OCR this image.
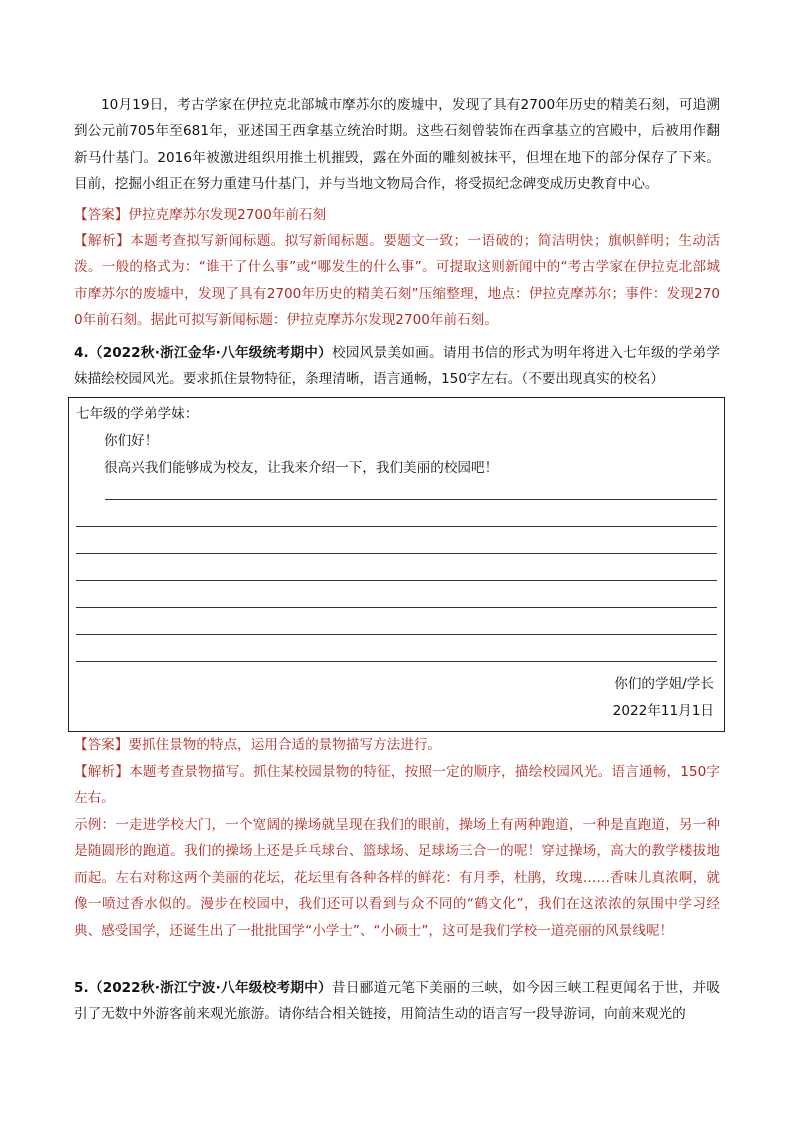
10月19日，考古学家在伊拉克北部城市摩苏尔的废墟中，发现了具有2700年历史的精美石刻，可追溯到公元前705年至681年，亚述国王西拿基立统治时期。这些石刻曾装饰在西拿基立的宫殿中，后被用作翻新马什基门。2016年被激进组织用推土机摧毁，露在外面的雕刻被抹平，但埋在地下的部分保存了下来。目前，挖掘小组正在努力重建马什基门，并与当地文物局合作，将受损纪念碑变成历史教育中心。

【答案】伊拉克摩苏尔发现2700年前石刻

【解析】本题考查拟写新闻标题。拟写新闻标题。要题文一致；一语破的；简洁明快；旗帜鲜明；生动活泼。一般的格式为：“谁干了什么事”或“哪发生的什么事”。可提取这则新闻中的“考古学家在伊拉克北部城市摩苏尔的废墟中，发现了具有2700年历史的精美石刻”压缩整理，地点：伊拉克摩苏尔；事件：发现2700年前石刻。据此可拟写新闻标题：伊拉克摩苏尔发现2700年前石刻。

4.（2022秋·浙江金华·八年级统考期中）校园风景美如画。请用书信的形式为明年将进入七年级的学弟学妹描绘校园风光。要求抓住景物特征，条理清晰，语言通畅，150字左右。（不要出现真实的校名）

七年级的学弟学妹：
你们好！
很高兴我们能够成为校友，让我来介绍一下，我们美丽的校园吧！
你们的学姐/学长
2022年11月1日

【答案】要抓住景物的特点，运用合适的景物描写方法进行。

【解析】本题考查景物描写。抓住某校园景物的特征，按照一定的顺序，描绘校园风光。语言通畅，150字左右。

示例：一走进学校大门，一个宽阔的操场就呈现在我们的眼前，操场上有两种跑道，一种是直跑道，另一种是随圆形的跑道。我们的操场上还是乒乓球台、篮球场、足球场三合一的呢！穿过操场，高大的教学楼拔地而起。左右对称这两个美丽的花坛，花坛里有各种各样的鲜花：有月季，杜鹃，玫瑰……香味儿真浓啊，就像一喷过香水似的。漫步在校园中，我们还可以看到与众不同的“鹤文化”，我们在这浓浓的氛围中学习经典、感受国学，还诞生出了一批批国学“小学士”、“小硕士”，这可是我们学校一道亮丽的风景线呢！

5.（2022秋·浙江宁波·八年级校考期中）昔日郦道元笔下美丽的三峡，如今因三峡工程更闻名于世，并吸引了无数中外游客前来观光旅游。请你结合相关链接，用简洁生动的语言写一段导游词，向前来观光的
